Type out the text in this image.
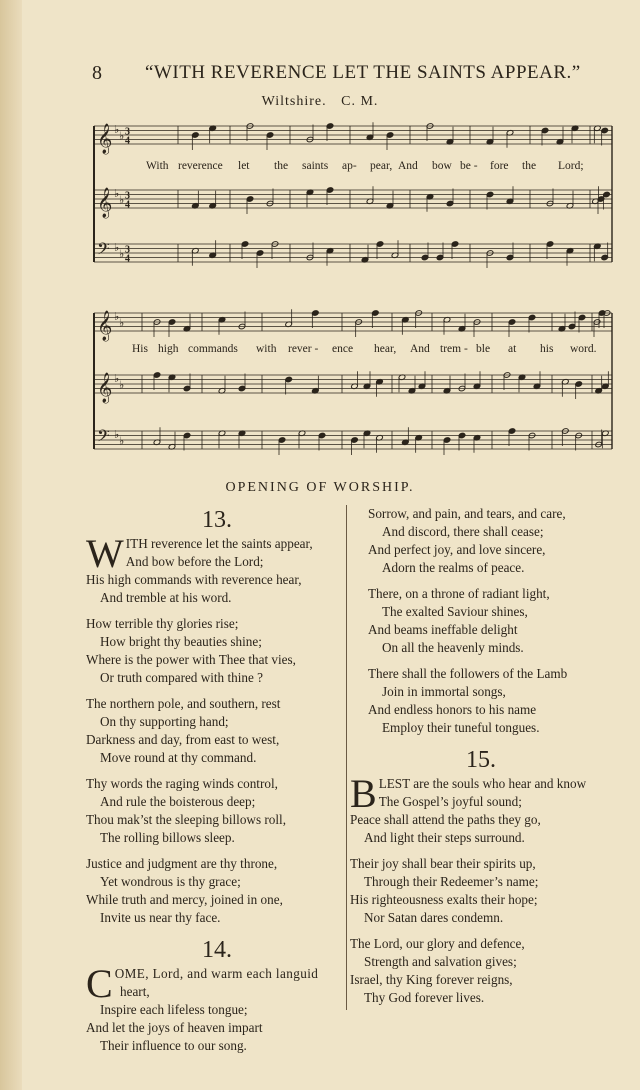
8 “WITH REVERENCE LET THE SAINTS APPEAR.”
Wiltshire. C. M.
𝄞 ♭
♭ 3
4
𝄞 ♭
♭ 3
4
𝄢 ♭
♭ 3
4
With reverence let the saints ap- pear, And bow be - fore the Lord;
𝄞 ♭
♭
𝄞 ♭
♭
𝄢 ♭
♭
His high commands with rever - ence hear, And trem - ble at his word.
OPENING OF WORSHIP.
13.
W ITH reverence let the saints appear,
And bow before the Lord;
His high commands with reverence hear,
And tremble at his word.
How terrible thy glories rise;
How bright thy beauties shine;
Where is the power with Thee that vies,
Or truth compared with thine ?
The northern pole, and southern, rest
On thy supporting hand;
Darkness and day, from east to west,
Move round at thy command.
Thy words the raging winds control,
And rule the boisterous deep;
Thou mak’st the sleeping billows roll,
The rolling billows sleep.
Justice and judgment are thy throne,
Yet wondrous is thy grace;
While truth and mercy, joined in one,
Invite us near thy face.
14.
C OME, Lord, and warm each languid
heart,
Inspire each lifeless tongue;
And let the joys of heaven impart
Their influence to our song.
Sorrow, and pain, and tears, and care,
And discord, there shall cease;
And perfect joy, and love sincere,
Adorn the realms of peace.
There, on a throne of radiant light,
The exalted Saviour shines,
And beams ineffable delight
On all the heavenly minds.
There shall the followers of the Lamb
Join in immortal songs,
And endless honors to his name
Employ their tuneful tongues.
15.
B LEST are the souls who hear and know
The Gospel’s joyful sound;
Peace shall attend the paths they go,
And light their steps surround.
Their joy shall bear their spirits up,
Through their Redeemer’s name;
His righteousness exalts their hope;
Nor Satan dares condemn.
The Lord, our glory and defence,
Strength and salvation gives;
Israel, thy King forever reigns,
Thy God forever lives.
